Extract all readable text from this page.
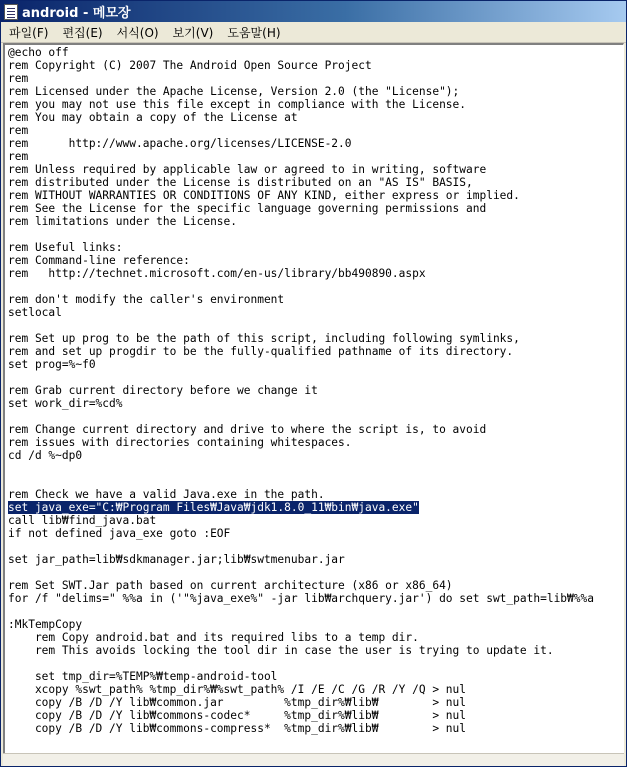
android - 메모장
파일(F)	편집(E)	서식(O)	보기(V)	도움말(H)
@echo off
rem Copyright (C) 2007 The Android Open Source Project
rem
rem Licensed under the Apache License, Version 2.0 (the "License");
rem you may not use this file except in compliance with the License.
rem You may obtain a copy of the License at
rem
rem      http://www.apache.org/licenses/LICENSE-2.0
rem
rem Unless required by applicable law or agreed to in writing, software
rem distributed under the License is distributed on an "AS IS" BASIS,
rem WITHOUT WARRANTIES OR CONDITIONS OF ANY KIND, either express or implied.
rem See the License for the specific language governing permissions and
rem limitations under the License.
rem Useful links:
rem Command-line reference:
rem   http://technet.microsoft.com/en-us/library/bb490890.aspx
rem don't modify the caller's environment
setlocal
rem Set up prog to be the path of this script, including following symlinks,
rem and set up progdir to be the fully-qualified pathname of its directory.
set prog=%~f0
rem Grab current directory before we change it
set work_dir=%cd%
rem Change current directory and drive to where the script is, to avoid
rem issues with directories containing whitespaces.
cd /d %~dp0
rem Check we have a valid Java.exe in the path.
set java_exe="C:₩Program Files₩Java₩jdk1.8.0_11₩bin₩java.exe"
call lib₩find_java.bat
if not defined java_exe goto :EOF
set jar_path=lib₩sdkmanager.jar;lib₩swtmenubar.jar
rem Set SWT.Jar path based on current architecture (x86 or x86_64)
for /f "delims=" %%a in ('"%java_exe%" -jar lib₩archquery.jar') do set swt_path=lib₩%%a
:MkTempCopy
rem Copy android.bat and its required libs to a temp dir.
rem This avoids locking the tool dir in case the user is trying to update it.
set tmp_dir=%TEMP%₩temp-android-tool
xcopy %swt_path% %tmp_dir%₩%swt_path% /I /E /C /G /R /Y /Q > nul
copy /B /D /Y lib₩common.jar         %tmp_dir%₩lib₩        > nul
copy /B /D /Y lib₩commons-codec*     %tmp_dir%₩lib₩        > nul
copy /B /D /Y lib₩commons-compress*  %tmp_dir%₩lib₩        > nul
